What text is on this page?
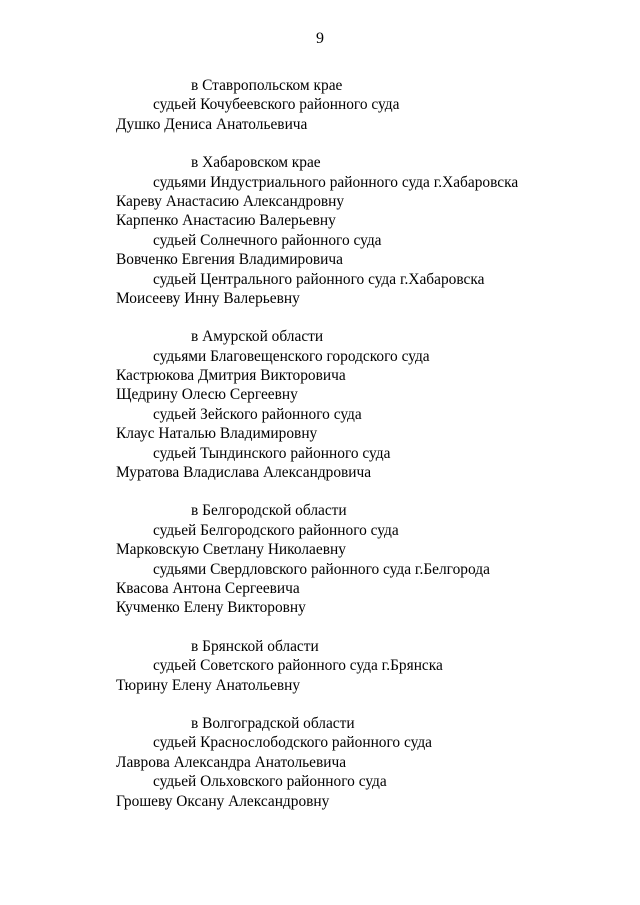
9
в Ставропольском крае
судьей Кочубеевского районного суда
Душко Дениса Анатольевича
в Хабаровском крае
судьями Индустриального районного суда г.Хабаровска
Кареву Анастасию Александровну
Карпенко Анастасию Валерьевну
судьей Солнечного районного суда
Вовченко Евгения Владимировича
судьей Центрального районного суда г.Хабаровска
Моисееву Инну Валерьевну
в Амурской области
судьями Благовещенского городского суда
Кастрюкова Дмитрия Викторовича
Щедрину Олесю Сергеевну
судьей Зейского районного суда
Клаус Наталью Владимировну
судьей Тындинского районного суда
Муратова Владислава Александровича
в Белгородской области
судьей Белгородского районного суда
Марковскую Светлану Николаевну
судьями Свердловского районного суда г.Белгорода
Квасова Антона Сергеевича
Кучменко Елену Викторовну
в Брянской области
судьей Советского районного суда г.Брянска
Тюрину Елену Анатольевну
в Волгоградской области
судьей Краснослободского районного суда
Лаврова Александра Анатольевича
судьей Ольховского районного суда
Грошеву Оксану Александровну
